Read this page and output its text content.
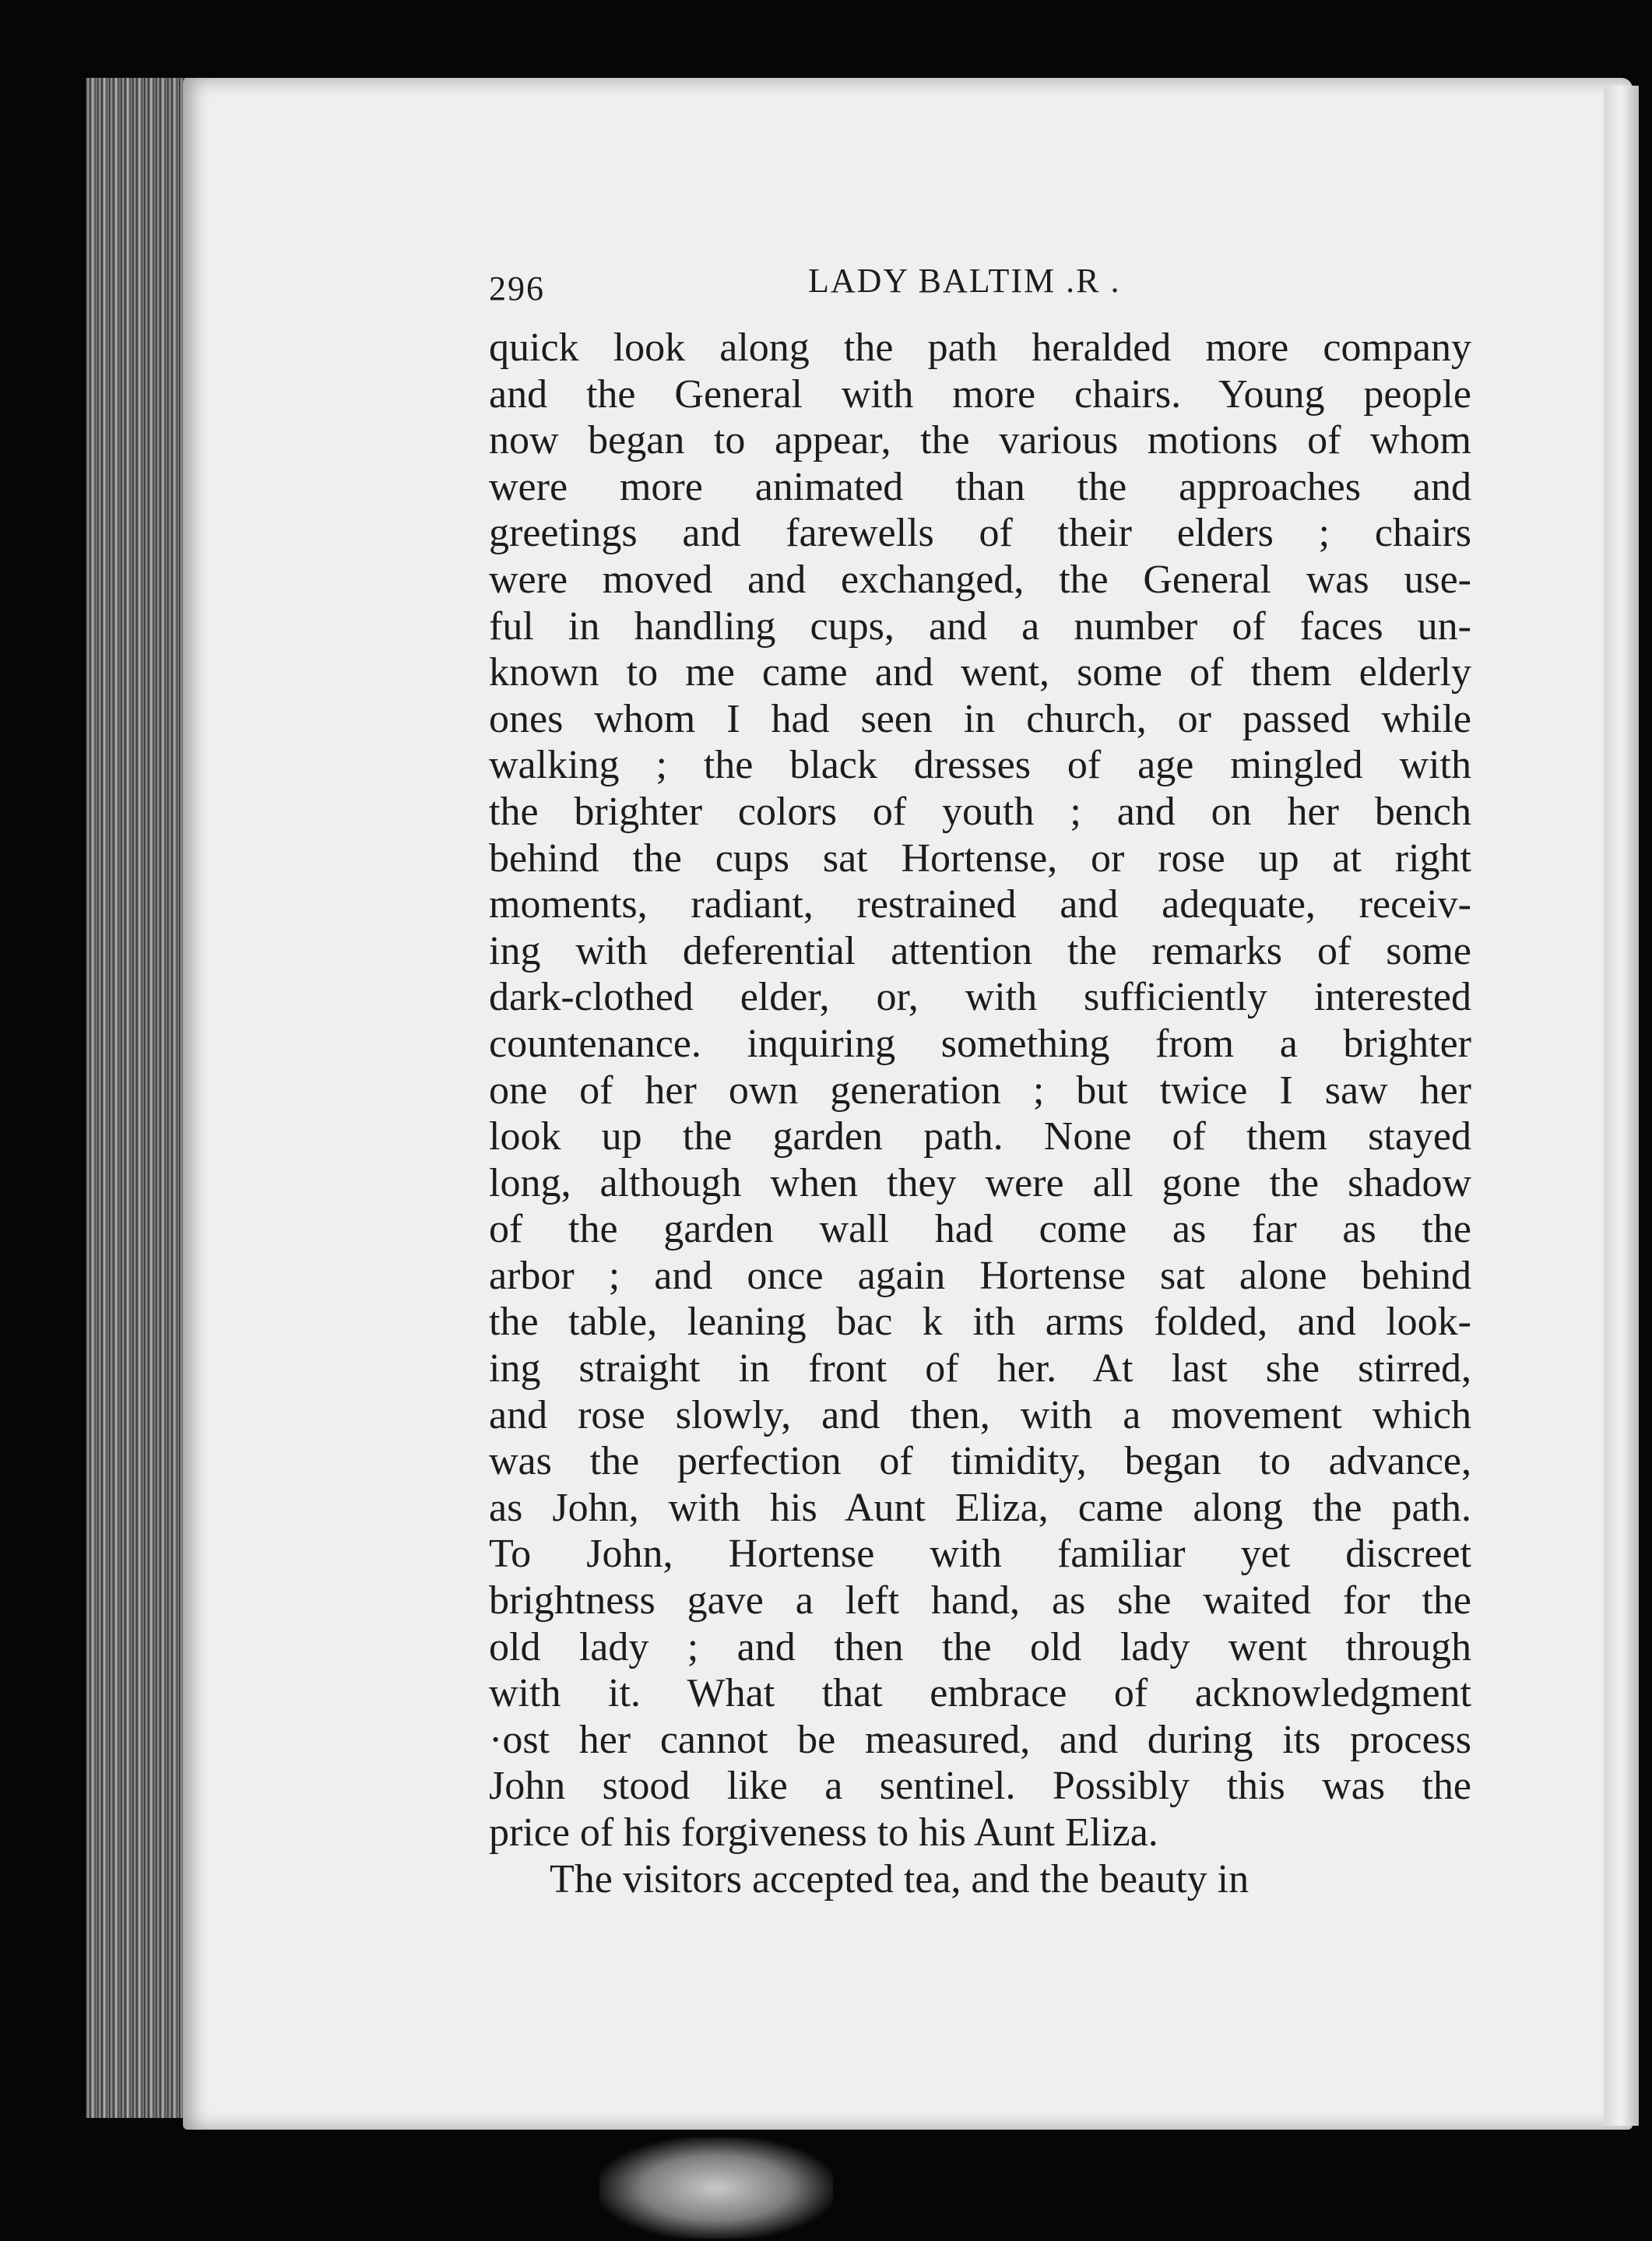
296	LADY BALTIM .R .
quick look along the path heralded more company
and the General with more chairs. Young people
now began to appear, the various motions of whom
were more animated than the approaches and
greetings and farewells of their elders ; chairs
were moved and exchanged, the General was use-
ful in handling cups, and a number of faces un-
known to me came and went, some of them elderly
ones whom I had seen in church, or passed while
walking ; the black dresses of age mingled with
the brighter colors of youth ; and on her bench
behind the cups sat Hortense, or rose up at right
moments, radiant, restrained and adequate, receiv-
ing with deferential attention the remarks of some
dark-clothed elder, or, with sufficiently interested
countenance. inquiring something from a brighter
one of her own generation ; but twice I saw her
look up the garden path. None of them stayed
long, although when they were all gone the shadow
of the garden wall had come as far as the
arbor ; and once again Hortense sat alone behind
the table, leaning bac k ith arms folded, and look-
ing straight in front of her. At last she stirred,
and rose slowly, and then, with a movement which
was the perfection of timidity, began to advance,
as John, with his Aunt Eliza, came along the path.
To John, Hortense with familiar yet discreet
brightness gave a left hand, as she waited for the
old lady ; and then the old lady went through
with it. What that embrace of acknowledgment
·ost her cannot be measured, and during its process
John stood like a sentinel. Possibly this was the
price of his forgiveness to his Aunt Eliza.
The visitors accepted tea, and the beauty in
